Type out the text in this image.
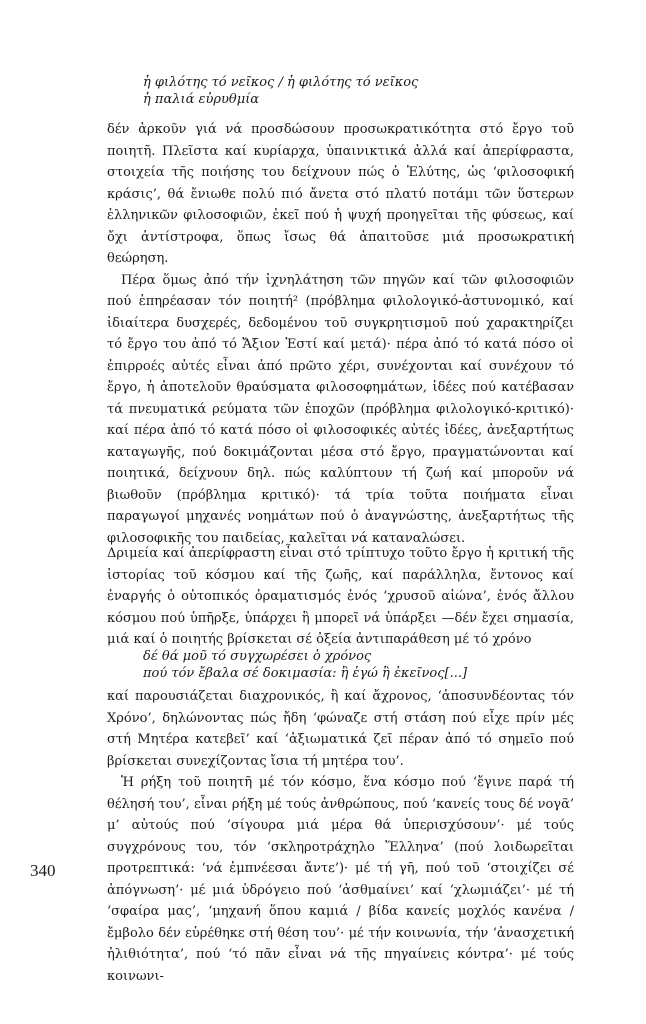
ἡ φιλότης τό νεῖκος / ἡ φιλότης τό νεῖκος

ἡ παλιά εὐρυθμία

δέν ἀρκοῦν γιά νά προσδώσουν προσωκρατικότητα στό ἔργο τοῦ ποιητῆ. Πλεῖστα καί κυρίαρχα, ὑπαινικτικά ἀλλά καί ἀπερίφραστα, στοιχεία τῆς ποιήσης του δείχνουν πώς ὁ Ἐλύτης, ὡς ‘φιλοσοφική κράσις’, θά ἔνιωθε πολύ πιό ἄνετα στό πλατύ ποτάμι τῶν ὕστερων ἑλληνικῶν φιλοσοφιῶν, ἐκεῖ πού ἡ ψυχή προηγεῖται τῆς φύσεως, καί ὄχι ἀντίστροφα, ὅπως ἴσως θά ἀπαιτοῦσε μιά προσωκρατική θεώρηση.

Πέρα ὅμως ἀπό τήν ἰχνηλάτηση τῶν πηγῶν καί τῶν φιλοσοφιῶν πού ἐπηρέασαν τόν ποιητή² (πρόβλημα φιλολογικό-ἀστυνομικό, καί ἰδιαίτερα δυσχερές, δεδομένου τοῦ συγκρητισμοῦ πού χαρακτηρίζει τό ἔργο του ἀπό τό Ἄξιον Ἐστί καί μετά)· πέρα ἀπό τό κατά πόσο οἱ ἐπιρροές αὐτές εἶναι ἀπό πρῶτο χέρι, συνέχονται καί συνέχουν τό ἔργο, ἡ ἀποτελοῦν θραύσματα φιλοσοφημάτων, ἰδέες πού κατέβασαν τά πνευματικά ρεύματα τῶν ἐποχῶν (πρόβλημα φιλολογικό-κριτικό)· καί πέρα ἀπό τό κατά πόσο οἱ φιλοσοφικές αὐτές ἰδέες, ἀνεξαρτήτως καταγωγῆς, πού δοκιμάζονται μέσα στό ἔργο, πραγματώνονται καί ποιητικά, δείχνουν δηλ. πώς καλύπτουν τή ζωή καί μποροῦν νά βιωθοῦν (πρόβλημα κριτικό)· τά τρία τοῦτα ποιήματα εἶναι παραγωγοί μηχανές νοημάτων πού ὁ ἀναγνώστης, ἀνεξαρτήτως τῆς φιλοσοφικῆς του παιδείας, καλεῖται νά καταναλώσει.

Δριμεία καί ἀπερίφραστη εἶναι στό τρίπτυχο τοῦτο ἔργο ἡ κριτική τῆς ἱστορίας τοῦ κόσμου καί τῆς ζωῆς, καί παράλληλα, ἔντονος καί ἐναργής ὁ οὐτοπικός ὁραματισμός ἑνός ‘χρυσοῦ αἰώνα’, ἑνός ἄλλου κόσμου πού ὑπῆρξε, ὑπάρχει ἢ μπορεῖ νά ὑπάρξει —δέν ἔχει σημασία, μιά καί ὁ ποιητής βρίσκεται σέ ὀξεία ἀντιπαράθεση μέ τό χρόνο

δέ θά μοῦ τό συγχωρέσει ὁ χρόνος

πού τόν ἔβαλα σέ δοκιμασία: ἢ ἐγώ ἢ ἐκεῖνος[...]

καί παρουσιάζεται διαχρονικός, ἢ καί ἄχρονος, ‘ἀποσυνδέοντας τόν Χρόνο’, δηλώνοντας πώς ἤδη ‘φώναζε στή στάση πού εἶχε πρίν μές στή Μητέρα κατεβεῖ’ καί ‘ἀξιωματικά ζεῖ πέραν ἀπό τό σημεῖο πού βρίσκεται συνεχίζοντας ἴσια τή μητέρα του’.

Ἡ ρήξη τοῦ ποιητῆ μέ τόν κόσμο, ἕνα κόσμο πού ‘ἔγινε παρά τή θέλησή του’, εἶναι ρήξη μέ τούς ἀνθρώπους, πού ‘κανείς τους δέ νογᾶ’ μ’ αὐτούς πού ‘σίγουρα μιά μέρα θά ὑπερισχύσουν’· μέ τούς συγχρόνους του, τόν ‘σκληροτράχηλο Ἕλληνα’ (πού λοιδωρεῖται προτρεπτικά: ‘νά ἐμπνέεσαι ἄντε’)· μέ τή γῆ, πού τοῦ ‘στοιχίζει σέ ἀπόγνωση’· μέ μιά ὑδρόγειο πού ‘ἀσθμαίνει’ καί ‘χλωμιάζει’· μέ τή ‘σφαίρα μας’, ‘μηχανή ὅπου καμιά / βίδα κανείς μοχλός κανένα / ἔμβολο δέν εὑρέθηκε στή θέση του’· μέ τήν κοινωνία, τήν ‘ἀνασχετική ἠλιθιότητα’, πού ‘τό πᾶν εἶναι νά τῆς πηγαίνεις κόντρα’· μέ τούς κοινωνι-

340
